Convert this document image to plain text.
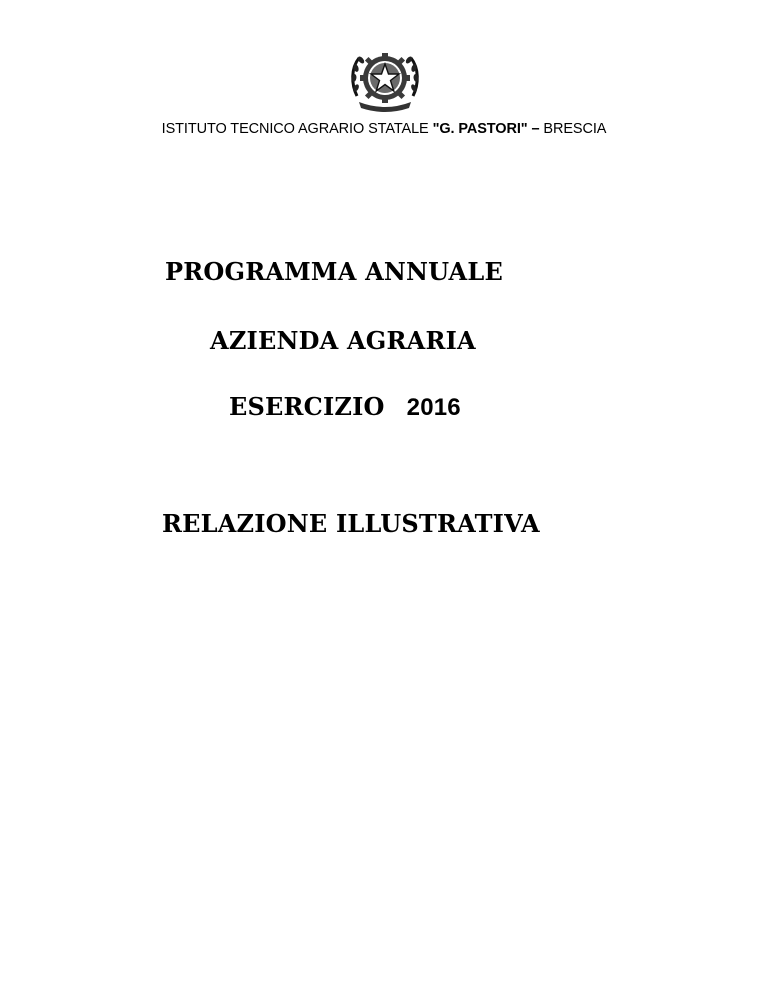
ISTITUTO TECNICO AGRARIO STATALE "G. PASTORI" – BRESCIA
PROGRAMMA ANNUALE
AZIENDA AGRARIA
ESERCIZIO 2016
RELAZIONE ILLUSTRATIVA
